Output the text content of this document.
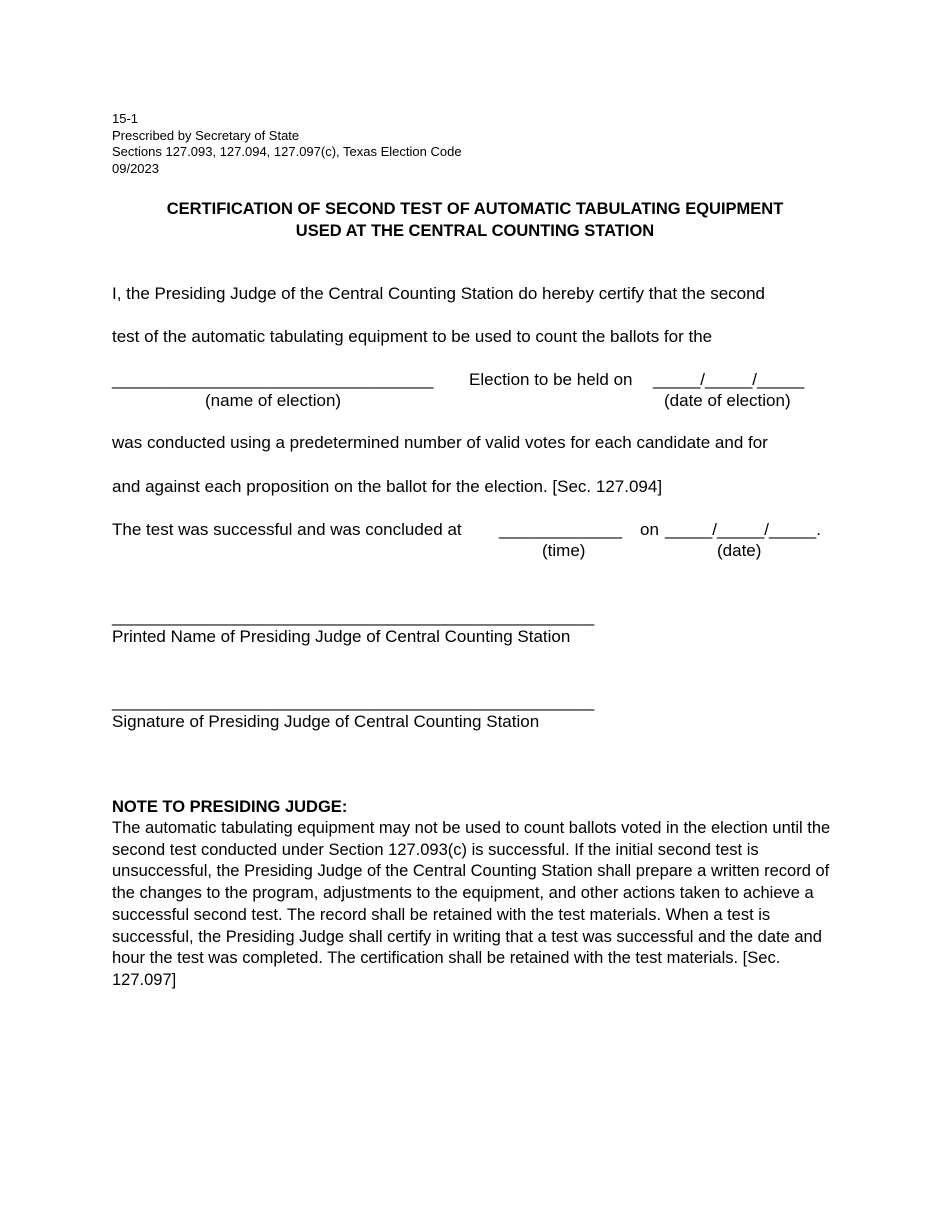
15-1
Prescribed by Secretary of State
Sections 127.093, 127.094, 127.097(c), Texas Election Code
09/2023
CERTIFICATION OF SECOND TEST OF AUTOMATIC TABULATING EQUIPMENT
USED AT THE CENTRAL COUNTING STATION
I, the Presiding Judge of the Central Counting Station do hereby certify that the second
test of the automatic tabulating equipment to be used to count the ballots for the
__________________________________ Election to be held on _____/_____/_____
(name of election)	(date of election)
was conducted using a predetermined number of valid votes for each candidate and for
and against each proposition on the ballot for the election. [Sec. 127.094]
The test was successful and was concluded at _____________ on _____/_____/_____.
(time)	(date)
___________________________________________________
Printed Name of Presiding Judge of Central Counting Station
___________________________________________________
Signature of Presiding Judge of Central Counting Station
NOTE TO PRESIDING JUDGE:
The automatic tabulating equipment may not be used to count ballots voted in the election until the second test conducted under Section 127.093(c) is successful. If the initial second test is unsuccessful, the Presiding Judge of the Central Counting Station shall prepare a written record of the changes to the program, adjustments to the equipment, and other actions taken to achieve a successful second test. The record shall be retained with the test materials. When a test is successful, the Presiding Judge shall certify in writing that a test was successful and the date and hour the test was completed. The certification shall be retained with the test materials. [Sec. 127.097]
